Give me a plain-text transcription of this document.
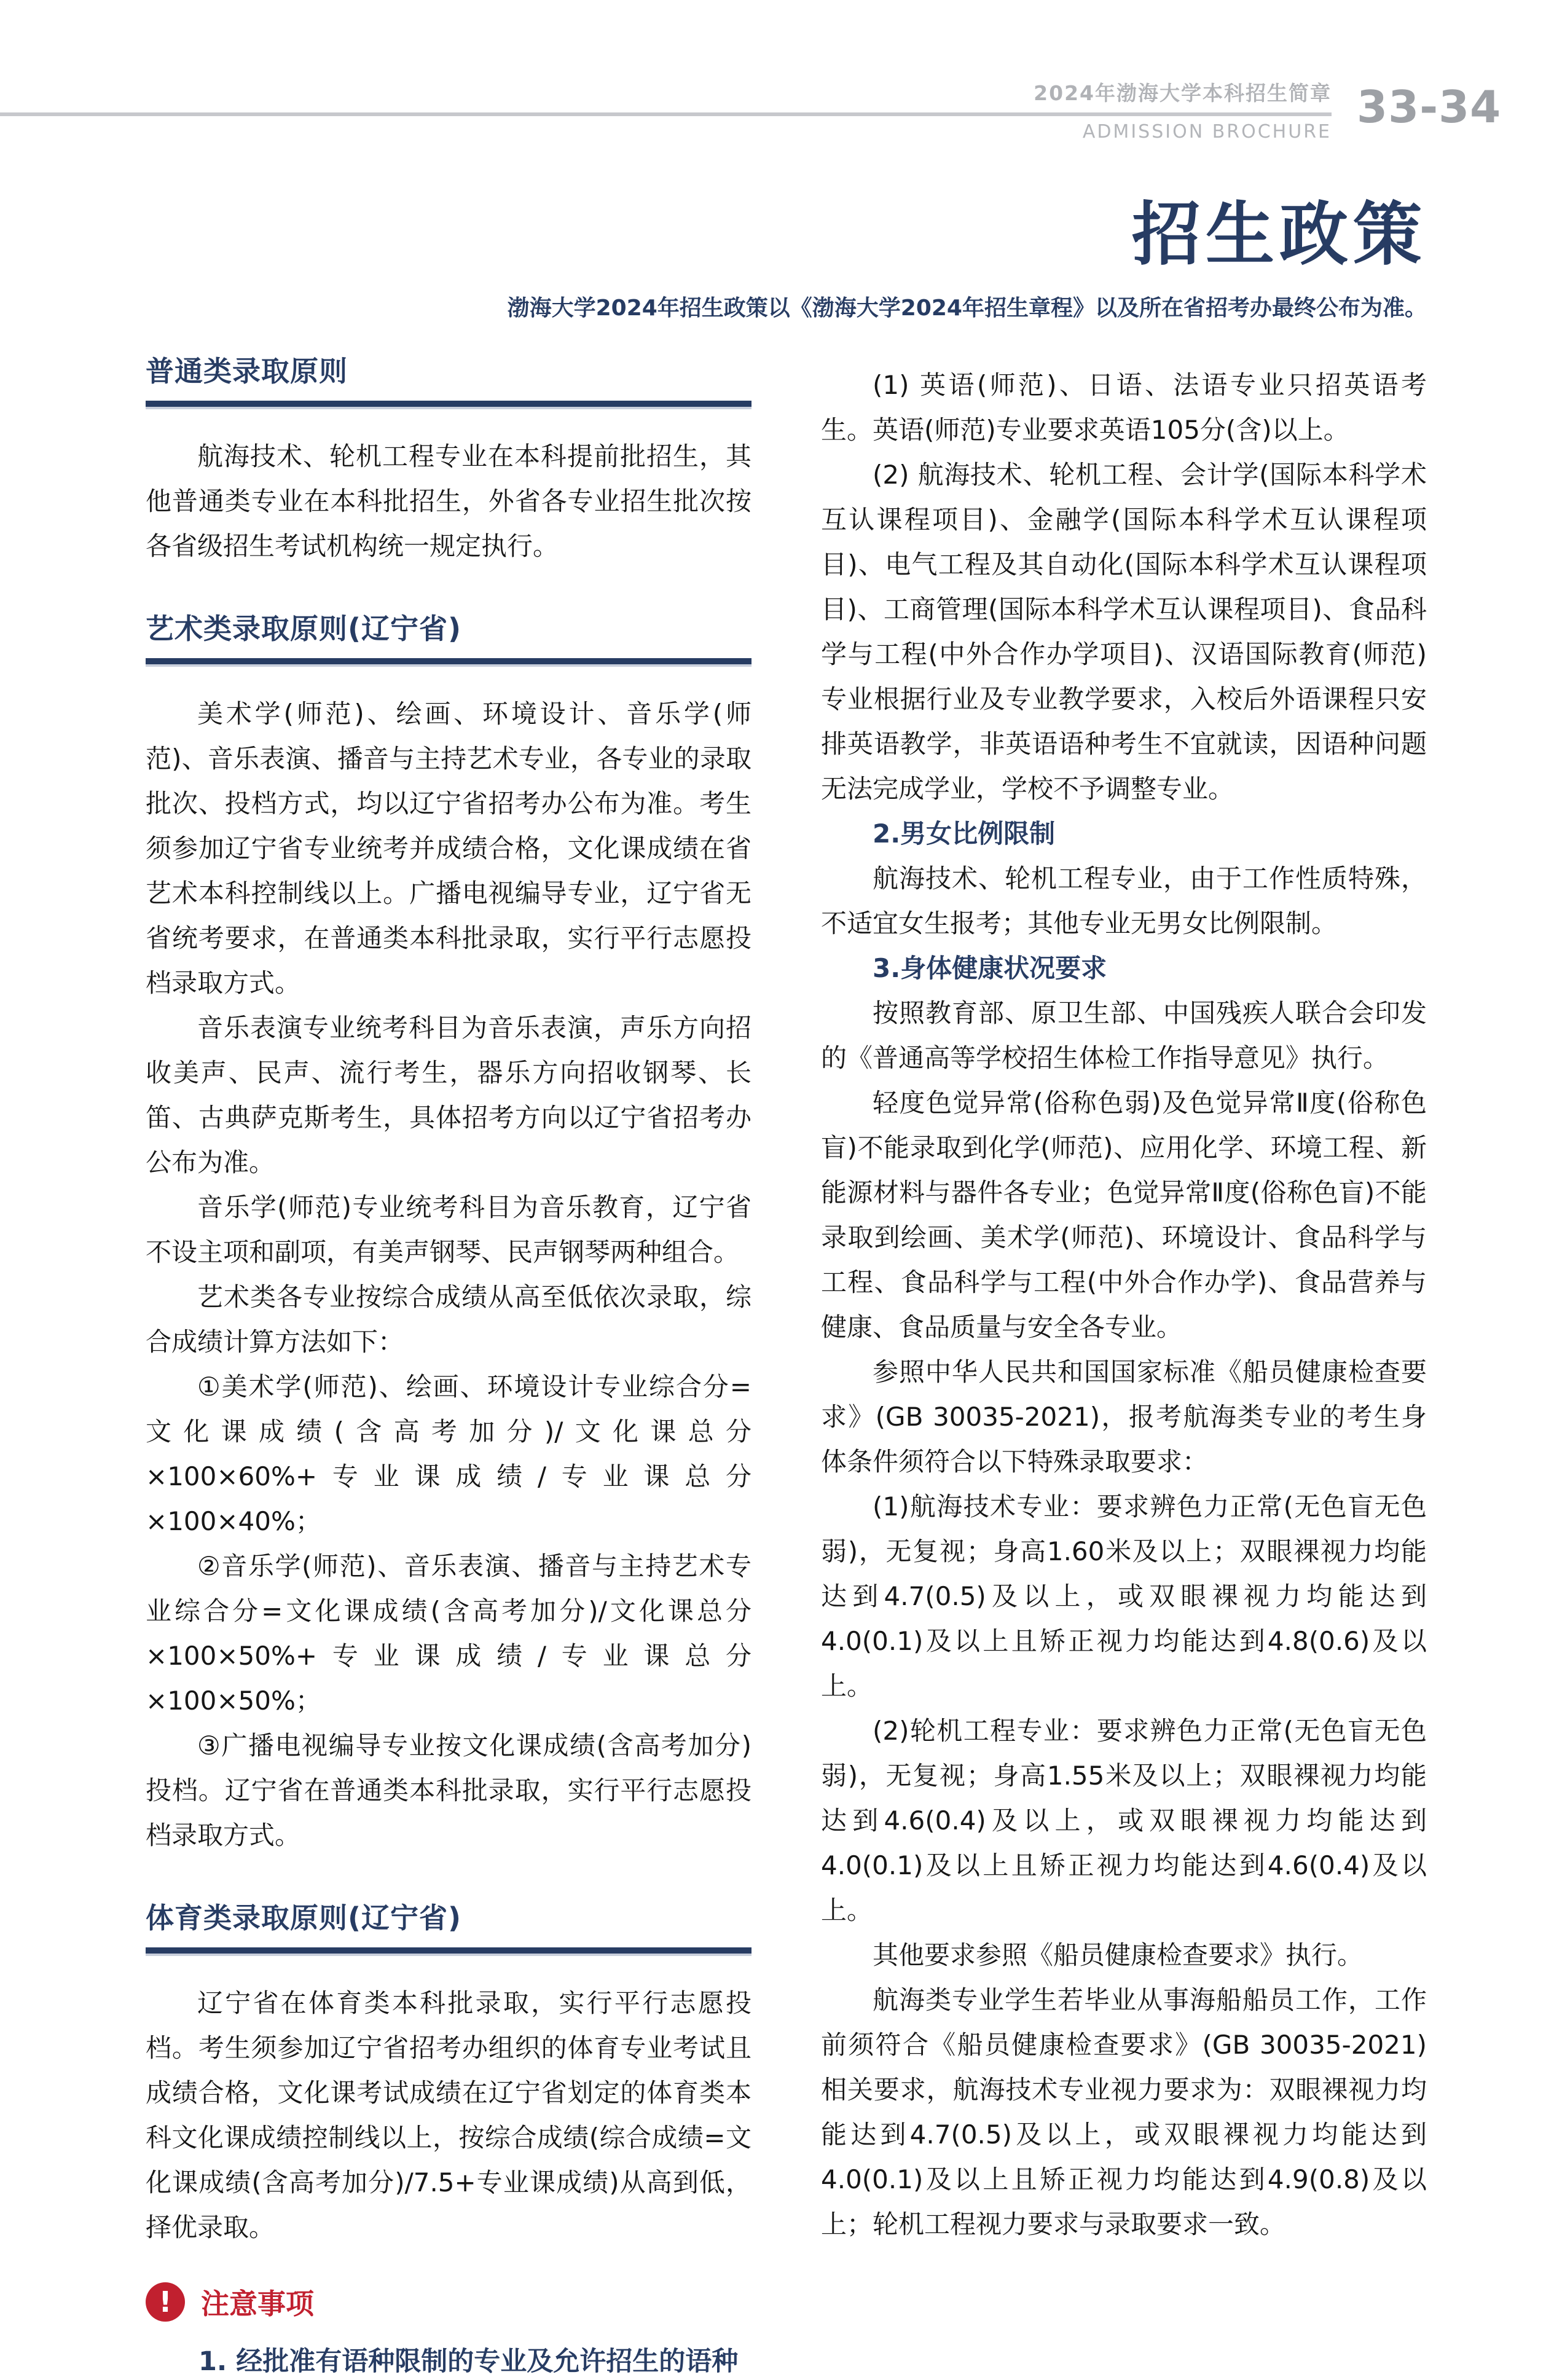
2024年渤海大学本科招生简章
ADMISSION BROCHURE 33-34
招生政策
渤海大学2024年招生政策以《渤海大学2024年招生章程》以及所在省招考办最终公布为准。
普通类录取原则

航海技术、轮机工程专业在本科提前批招生，其他普通类专业在本科批招生，外省各专业招生批次按各省级招生考试机构统一规定执行。

艺术类录取原则(辽宁省)

美术学(师范)、绘画、环境设计、音乐学(师范)、音乐表演、播音与主持艺术专业，各专业的录取批次、投档方式，均以辽宁省招考办公布为准。考生须参加辽宁省专业统考并成绩合格，文化课成绩在省艺术本科控制线以上。广播电视编导专业，辽宁省无省统考要求，在普通类本科批录取，实行平行志愿投档录取方式。

音乐表演专业统考科目为音乐表演，声乐方向招收美声、民声、流行考生，器乐方向招收钢琴、长笛、古典萨克斯考生，具体招考方向以辽宁省招考办公布为准。

音乐学(师范)专业统考科目为音乐教育，辽宁省不设主项和副项，有美声钢琴、民声钢琴两种组合。

艺术类各专业按综合成绩从高至低依次录取，综合成绩计算方法如下：

①美术学(师范)、绘画、环境设计专业综合分=文化课成绩(含高考加分)/文化课总分×100×60%+专业课成绩/专业课总分×100×40%；

②音乐学(师范)、音乐表演、播音与主持艺术专业综合分=文化课成绩(含高考加分)/文化课总分×100×50%+专业课成绩/专业课总分×100×50%；

③广播电视编导专业按文化课成绩(含高考加分)投档。辽宁省在普通类本科批录取，实行平行志愿投档录取方式。

体育类录取原则(辽宁省)

辽宁省在体育类本科批录取，实行平行志愿投档。考生须参加辽宁省招考办组织的体育专业考试且成绩合格，文化课考试成绩在辽宁省划定的体育类本科文化课成绩控制线以上，按综合成绩(综合成绩=文化课成绩(含高考加分)/7.5+专业课成绩)从高到低，择优录取。

!	注意事项

1. 经批准有语种限制的专业及允许招生的语种

(1) 英语(师范)、日语、法语专业只招英语考生。英语(师范)专业要求英语105分(含)以上。

(2) 航海技术、轮机工程、会计学(国际本科学术互认课程项目)、金融学(国际本科学术互认课程项目)、电气工程及其自动化(国际本科学术互认课程项目)、工商管理(国际本科学术互认课程项目)、食品科学与工程(中外合作办学项目)、汉语国际教育(师范)专业根据行业及专业教学要求，入校后外语课程只安排英语教学，非英语语种考生不宜就读，因语种问题无法完成学业，学校不予调整专业。

2.男女比例限制

航海技术、轮机工程专业，由于工作性质特殊，不适宜女生报考；其他专业无男女比例限制。

3.身体健康状况要求

按照教育部、原卫生部、中国残疾人联合会印发的《普通高等学校招生体检工作指导意见》执行。

轻度色觉异常(俗称色弱)及色觉异常Ⅱ度(俗称色盲)不能录取到化学(师范)、应用化学、环境工程、新能源材料与器件各专业；色觉异常Ⅱ度(俗称色盲)不能录取到绘画、美术学(师范)、环境设计、食品科学与工程、食品科学与工程(中外合作办学)、食品营养与健康、食品质量与安全各专业。

参照中华人民共和国国家标准《船员健康检查要求》(GB 30035-2021)，报考航海类专业的考生身体条件须符合以下特殊录取要求：

(1)航海技术专业：要求辨色力正常(无色盲无色弱)，无复视；身高1.60米及以上；双眼裸视力均能达到4.7(0.5)及以上，或双眼裸视力均能达到4.0(0.1)及以上且矫正视力均能达到4.8(0.6)及以上。

(2)轮机工程专业：要求辨色力正常(无色盲无色弱)，无复视；身高1.55米及以上；双眼裸视力均能达到4.6(0.4)及以上，或双眼裸视力均能达到4.0(0.1)及以上且矫正视力均能达到4.6(0.4)及以上。

其他要求参照《船员健康检查要求》执行。

航海类专业学生若毕业从事海船船员工作，工作前须符合《船员健康检查要求》(GB 30035-2021)相关要求，航海技术专业视力要求为：双眼裸视力均能达到4.7(0.5)及以上，或双眼裸视力均能达到4.0(0.1)及以上且矫正视力均能达到4.9(0.8)及以上；轮机工程视力要求与录取要求一致。
